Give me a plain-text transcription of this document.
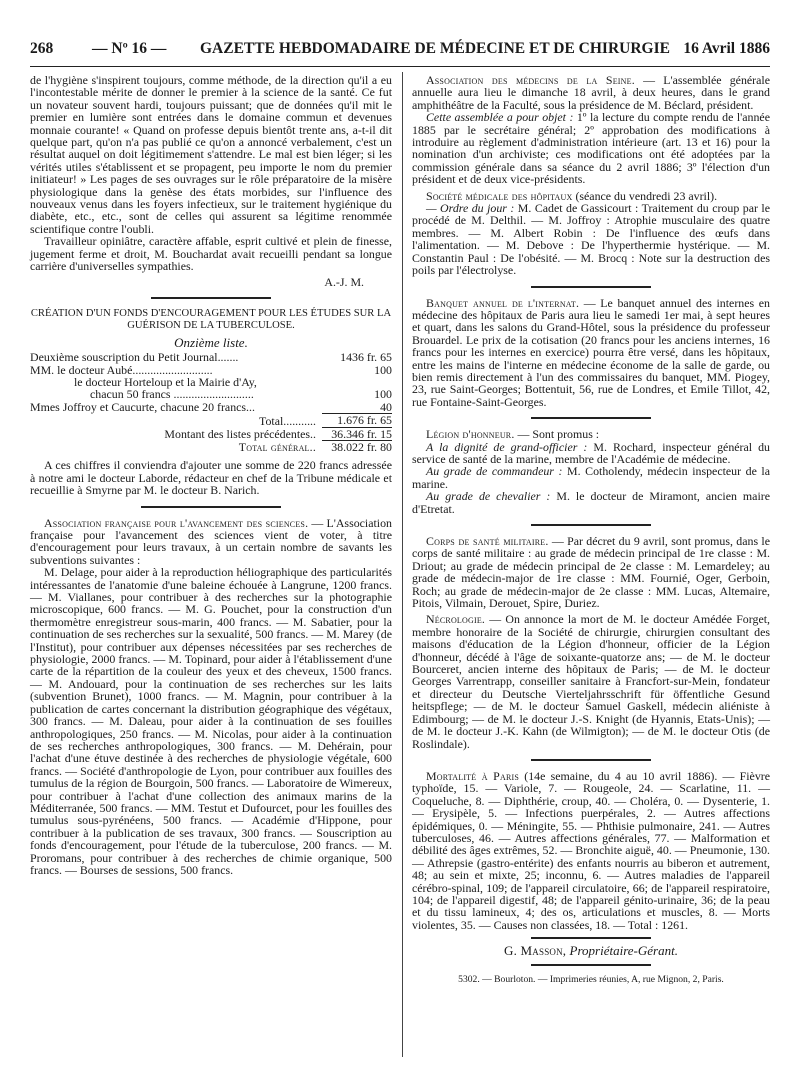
268	— Nº 16 — GAZETTE HEBDOMADAIRE DE MÉDECINE ET DE CHIRURGIE 16 Avril 1886

de l'hygiène s'inspirent toujours, comme méthode, de la direction qu'il a eu l'incontestable mérite de donner le premier à la science de la santé. Ce fut un novateur souvent hardi, toujours puissant; que de données qu'il mit le premier en lumière sont entrées dans le domaine commun et devenues monnaie courante! « Quand on professe depuis bientôt trente ans, a-t-il dit quelque part, qu'on n'a pas publié ce qu'on a annoncé verbalement, c'est un résultat auquel on doit légitimement s'attendre. Le mal est bien léger; si les vérités utiles s'établissent et se propagent, peu importe le nom du premier initiateur! » Les pages de ses ouvrages sur le rôle préparatoire de la misère physiologique dans la genèse des états morbides, sur l'influence des nouveaux venus dans les foyers infectieux, sur le traitement hygiénique du diabète, etc., etc., sont de celles qui assurent sa légitime renommée scientifique contre l'oubli.

Travailleur opiniâtre, caractère affable, esprit cultivé et plein de finesse, jugement ferme et droit, M. Bouchardat avait recueilli pendant sa longue carrière d'universelles sympathies.

A.-J. M.

CRÉATION D'UN FONDS D'ENCOURAGEMENT POUR LES ÉTUDES SUR LA GUÉRISON DE LA TUBERCULOSE.

Onzième liste.

Deuxième souscription du Petit Journal.......	1436 fr. 65
MM. le docteur Aubé...........................	100
le docteur Horteloup et la Mairie d'Ay,	
chacun 50 francs ...........................	100
Mmes Joffroy et Caucurte, chacune 20 francs...	40
Total...........	1.676 fr. 65
Montant des listes précédentes..	36.346 fr. 15
Total général..	38.022 fr. 80

A ces chiffres il conviendra d'ajouter une somme de 220 francs adressée à notre ami le docteur Laborde, rédacteur en chef de la Tribune médicale et recueillie à Smyrne par M. le docteur B. Narich.

Association française pour l'avancement des sciences. — L'Association française pour l'avancement des sciences vient de voter, à titre d'encouragement pour leurs travaux, à un certain nombre de savants les subventions suivantes :

M. Delage, pour aider à la reproduction héliographique des particularités intéressantes de l'anatomie d'une baleine échouée à Langrune, 1200 francs. — M. Viallanes, pour contribuer à des recherches sur la photographie microscopique, 600 francs. — M. G. Pouchet, pour la construction d'un thermomètre enregistreur sous-marin, 400 francs. — M. Sabatier, pour la continuation de ses recherches sur la sexualité, 500 francs. — M. Marey (de l'Institut), pour contribuer aux dépenses nécessitées par ses recherches de physiologie, 2000 francs. — M. Topinard, pour aider à l'établissement d'une carte de la répartition de la couleur des yeux et des cheveux, 1500 francs. — M. Andouard, pour la continuation de ses recherches sur les laits (subvention Brunet), 1000 francs. — M. Magnin, pour contribuer à la publication de cartes concernant la distribution géographique des végétaux, 300 francs. — M. Daleau, pour aider à la continuation de ses fouilles anthropologiques, 250 francs. — M. Nicolas, pour aider à la continuation de ses recherches anthropologiques, 300 francs. — M. Dehérain, pour l'achat d'une étuve destinée à des recherches de physiologie végétale, 600 francs. — Société d'anthropologie de Lyon, pour contribuer aux fouilles des tumulus de la région de Bourgoin, 500 francs. — Laboratoire de Wimereux, pour contribuer à l'achat d'une collection des animaux marins de la Méditerranée, 500 francs. — MM. Testut et Dufourcet, pour les fouilles des tumulus sous-pyrénéens, 500 francs. — Académie d'Hippone, pour contribuer à la publication de ses travaux, 300 francs. — Souscription au fonds d'encouragement, pour l'étude de la tuberculose, 200 francs. — M. Proromans, pour contribuer à des recherches de chimie organique, 500 francs. — Bourses de sessions, 500 francs.

Association des médecins de la Seine. — L'assemblée générale annuelle aura lieu le dimanche 18 avril, à deux heures, dans le grand amphithéâtre de la Faculté, sous la présidence de M. Béclard, président.

Cette assemblée a pour objet : 1º la lecture du compte rendu de l'année 1885 par le secrétaire général; 2º approbation des modifications à introduire au règlement d'administration intérieure (art. 13 et 16) pour la nomination d'un archiviste; ces modifications ont été adoptées par la commission générale dans sa séance du 2 avril 1886; 3º l'élection d'un président et de deux vice-présidents.

Société médicale des hôpitaux (séance du vendredi 23 avril).

— Ordre du jour : M. Cadet de Gassicourt : Traitement du croup par le procédé de M. Delthil. — M. Joffroy : Atrophie musculaire des quatre membres. — M. Albert Robin : De l'influence des œufs dans l'alimentation. — M. Debove : De l'hyperthermie hystérique. — M. Constantin Paul : De l'obésité. — M. Brocq : Note sur la destruction des poils par l'électrolyse.

Banquet annuel de l'internat. — Le banquet annuel des internes en médecine des hôpitaux de Paris aura lieu le samedi 1er mai, à sept heures et quart, dans les salons du Grand-Hôtel, sous la présidence du professeur Brouardel. Le prix de la cotisation (20 francs pour les anciens internes, 16 francs pour les internes en exercice) pourra être versé, dans les hôpitaux, entre les mains de l'interne en médecine économe de la salle de garde, ou bien remis directement à l'un des commissaires du banquet, MM. Piogey, 23, rue Saint-Georges; Bottentuit, 56, rue de Londres, et Emile Tillot, 42, rue Fontaine-Saint-Georges.

Légion d'honneur. — Sont promus :

A la dignité de grand-officier : M. Rochard, inspecteur général du service de santé de la marine, membre de l'Académie de médecine.

Au grade de commandeur : M. Cotholendy, médecin inspecteur de la marine.

Au grade de chevalier : M. le docteur de Miramont, ancien maire d'Etretat.

Corps de santé militaire. — Par décret du 9 avril, sont promus, dans le corps de santé militaire : au grade de médecin principal de 1re classe : M. Driout; au grade de médecin principal de 2e classe : M. Lemardeley; au grade de médecin-major de 1re classe : MM. Fournié, Oger, Gerboin, Roch; au grade de médecin-major de 2e classe : MM. Lucas, Altemaire, Pitois, Vilmain, Derouet, Spire, Duriez.

Nécrologie. — On annonce la mort de M. le docteur Amédée Forget, membre honoraire de la Société de chirurgie, chirurgien consultant des maisons d'éducation de la Légion d'honneur, officier de la Légion d'honneur, décédé à l'âge de soixante-quatorze ans; — de M. le docteur Bourceret, ancien interne des hôpitaux de Paris; — de M. le docteur Georges Varrentrapp, conseiller sanitaire à Francfort-sur-Mein, fondateur et directeur du Deutsche Vierteljahrsschrift für öffentliche Gesund heitspflege; — de M. le docteur Samuel Gaskell, médecin aliéniste à Edimbourg; — de M. le docteur J.-S. Knight (de Hyannis, Etats-Unis); — de M. le docteur J.-K. Kahn (de Wilmigton); — de M. le docteur Otis (de Roslindale).

Mortalité à Paris (14e semaine, du 4 au 10 avril 1886). — Fièvre typhoïde, 15. — Variole, 7. — Rougeole, 24. — Scarlatine, 11. — Coqueluche, 8. — Diphthérie, croup, 40. — Choléra, 0. — Dysenterie, 1. — Erysipèle, 5. — Infections puerpérales, 2. — Autres affections épidémiques, 0. — Méningite, 55. — Phthisie pulmonaire, 241. — Autres tuberculoses, 46. — Autres affections générales, 77. — Malformation et débilité des âges extrêmes, 52. — Bronchite aiguë, 40. — Pneumonie, 130. — Athrepsie (gastro-entérite) des enfants nourris au biberon et autrement, 48; au sein et mixte, 25; inconnu, 6. — Autres maladies de l'appareil cérébro-spinal, 109; de l'appareil circulatoire, 66; de l'appareil respiratoire, 104; de l'appareil digestif, 48; de l'appareil génito-urinaire, 36; de la peau et du tissu lamineux, 4; des os, articulations et muscles, 8. — Morts violentes, 35. — Causes non classées, 18. — Total : 1261.

G. Masson, Propriétaire-Gérant.

5302. — Bourloton. — Imprimeries réunies, A, rue Mignon, 2, Paris.
